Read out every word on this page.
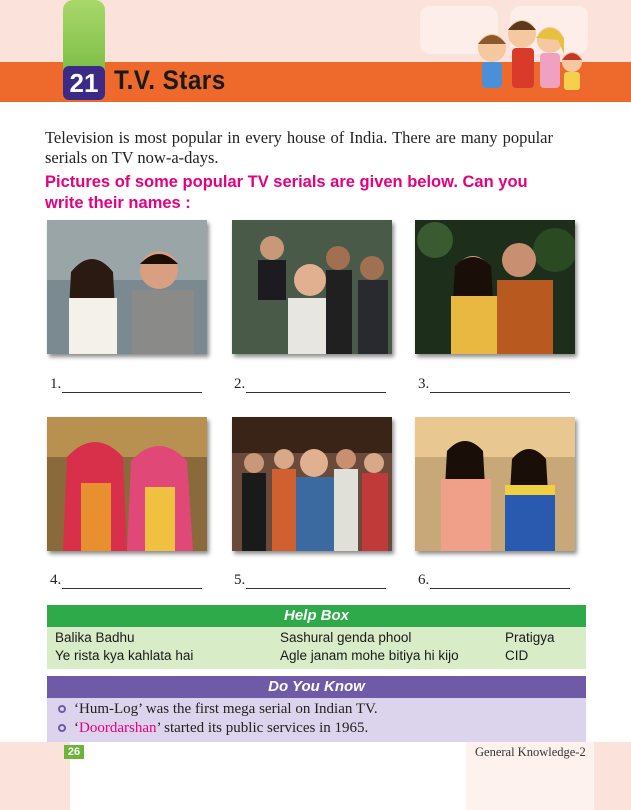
21 T.V. Stars
Television is most popular in every house of India. There are many popular serials on TV now-a-days.
Pictures of some popular TV serials are given below. Can you write their names :
1.	2.	3.
4.	5.	6.
Help Box
Balika Badhu	Sashural genda phool	Pratigya
Ye rista kya kahlata hai	Agle janam mohe bitiya hi kijo	CID
Do You Know
‘Hum-Log’ was the first mega serial on Indian TV.
‘Doordarshan’ started its public services in 1965.
26	General Knowledge-2
